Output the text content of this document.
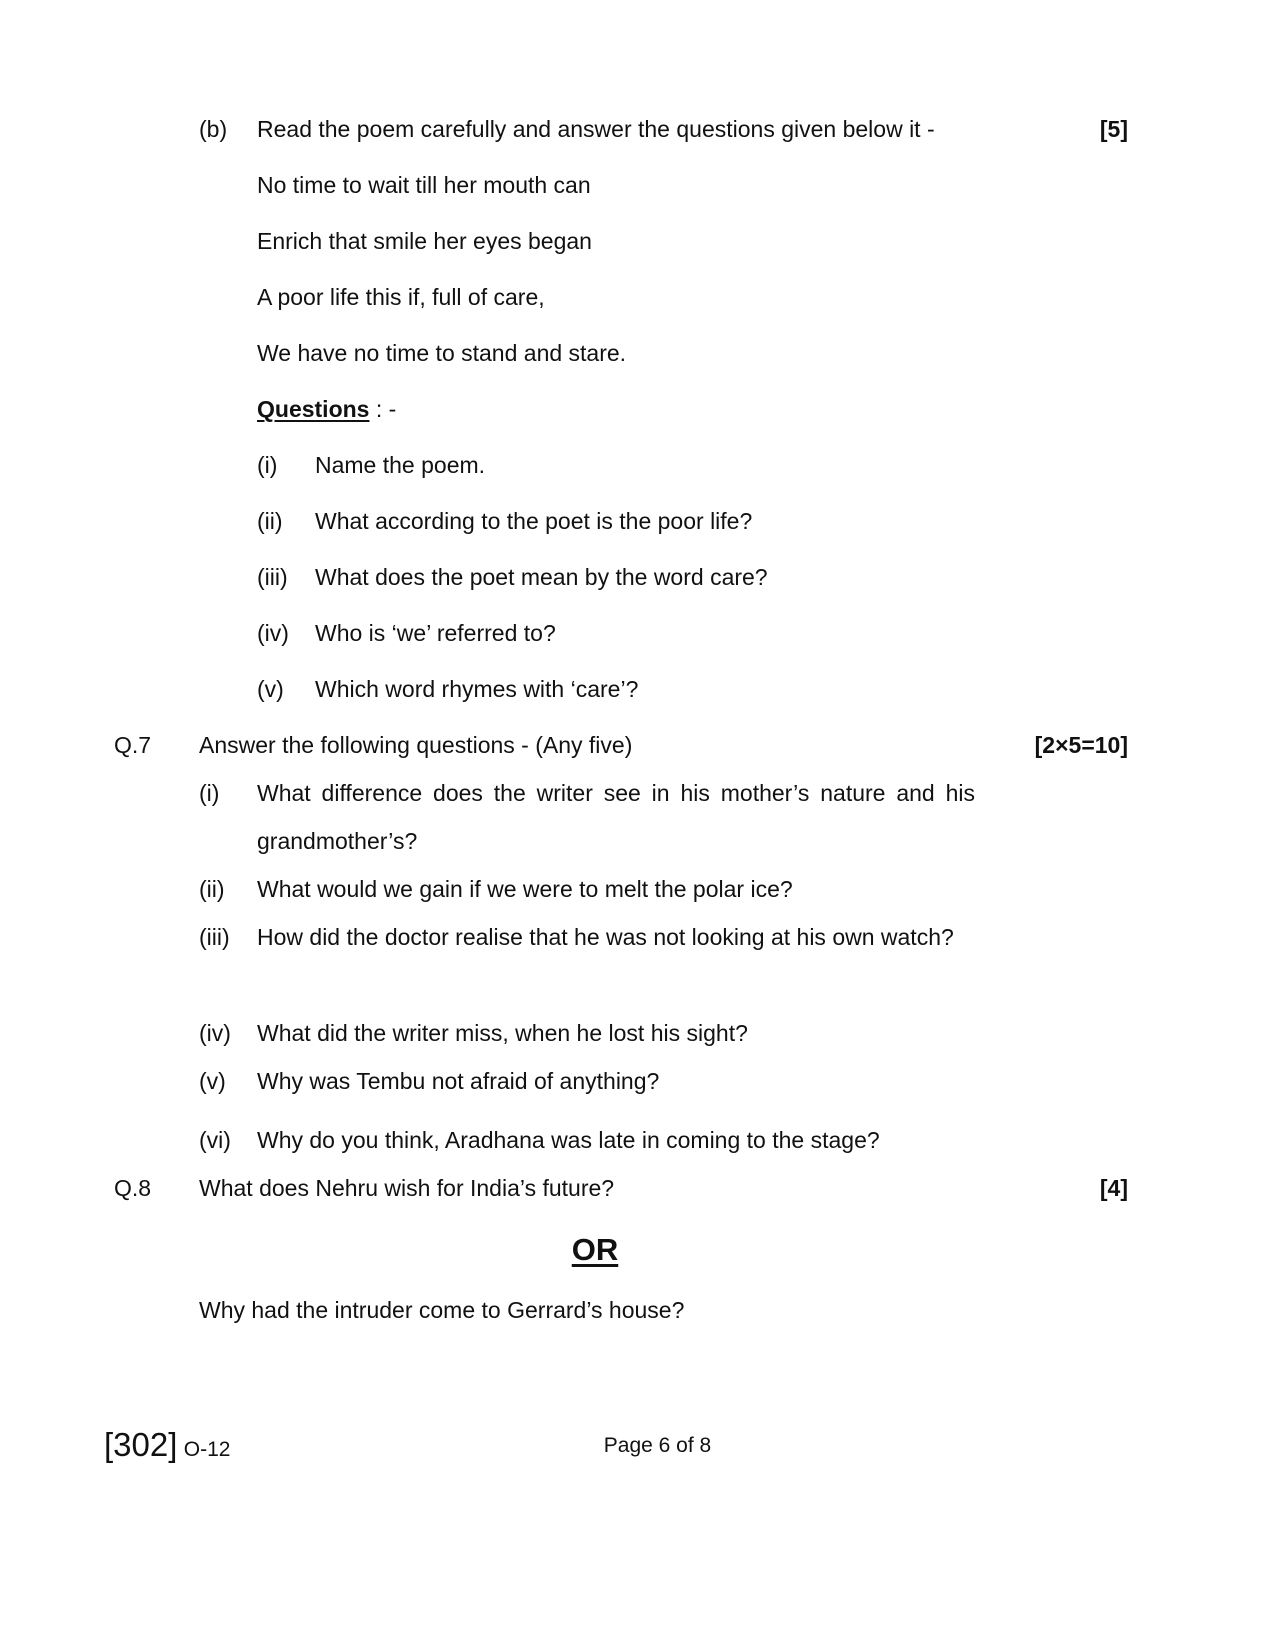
(b) Read the poem carefully and answer the questions given below it -	[5]
No time to wait till her mouth can
Enrich that smile her eyes began
A poor life this if, full of care,
We have no time to stand and stare.
Questions : -
(i) Name the poem.
(ii) What according to the poet is the poor life?
(iii) What does the poet mean by the word care?
(iv) Who is ‘we’ referred to?
(v) Which word rhymes with ‘care’?
Q.7 Answer the following questions - (Any five)	[2×5=10]
(i) What difference does the writer see in his mother’s nature and his grandmother’s?
(ii) What would we gain if we were to melt the polar ice?
(iii) How did the doctor realise that he was not looking at his own watch?
(iv) What did the writer miss, when he lost his sight?
(v) Why was Tembu not afraid of anything?
(vi) Why do you think, Aradhana was late in coming to the stage?
Q.8 What does Nehru wish for India’s future?	[4]
OR
Why had the intruder come to Gerrard’s house?
[302] O-12	Page 6 of 8
